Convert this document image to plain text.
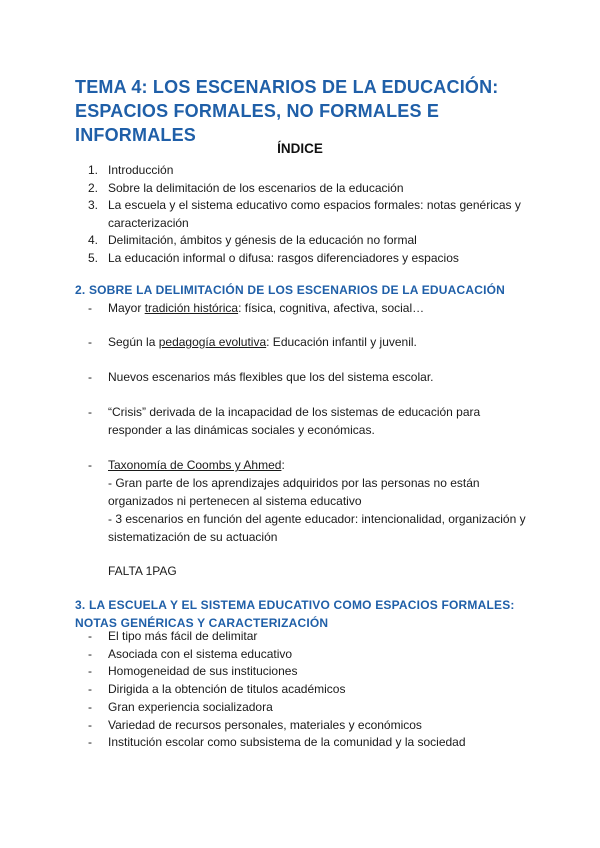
TEMA 4: LOS ESCENARIOS DE LA EDUCACIÓN:
ESPACIOS FORMALES, NO FORMALES E INFORMALES
ÍNDICE
1. Introducción
2. Sobre la delimitación de los escenarios de la educación
3. La escuela y el sistema educativo como espacios formales: notas genéricas y caracterización
4. Delimitación, ámbitos y génesis de la educación no formal
5. La educación informal o difusa: rasgos diferenciadores y espacios
2. SOBRE LA DELIMITACIÓN DE LOS ESCENARIOS DE LA EDUACACIÓN
-	Mayor tradición histórica: física, cognitiva, afectiva, social…
-	Según la pedagogía evolutiva: Educación infantil y juvenil.
-	Nuevos escenarios más flexibles que los del sistema escolar.
-	“Crisis” derivada de la incapacidad de los sistemas de educación para responder a las dinámicas sociales y económicas.
-	Taxonomía de Coombs y Ahmed:
- Gran parte de los aprendizajes adquiridos por las personas no están organizados ni pertenecen al sistema educativo
- 3 escenarios en función del agente educador: intencionalidad, organización y sistematización de su actuación
FALTA 1PAG
3. LA ESCUELA Y EL SISTEMA EDUCATIVO COMO ESPACIOS FORMALES: NOTAS GENÉRICAS Y CARACTERIZACIÓN
- El tipo más fácil de delimitar
- Asociada con el sistema educativo
- Homogeneidad de sus instituciones
- Dirigida a la obtención de titulos académicos
- Gran experiencia socializadora
- Variedad de recursos personales, materiales y económicos
- Institución escolar como subsistema de la comunidad y la sociedad
